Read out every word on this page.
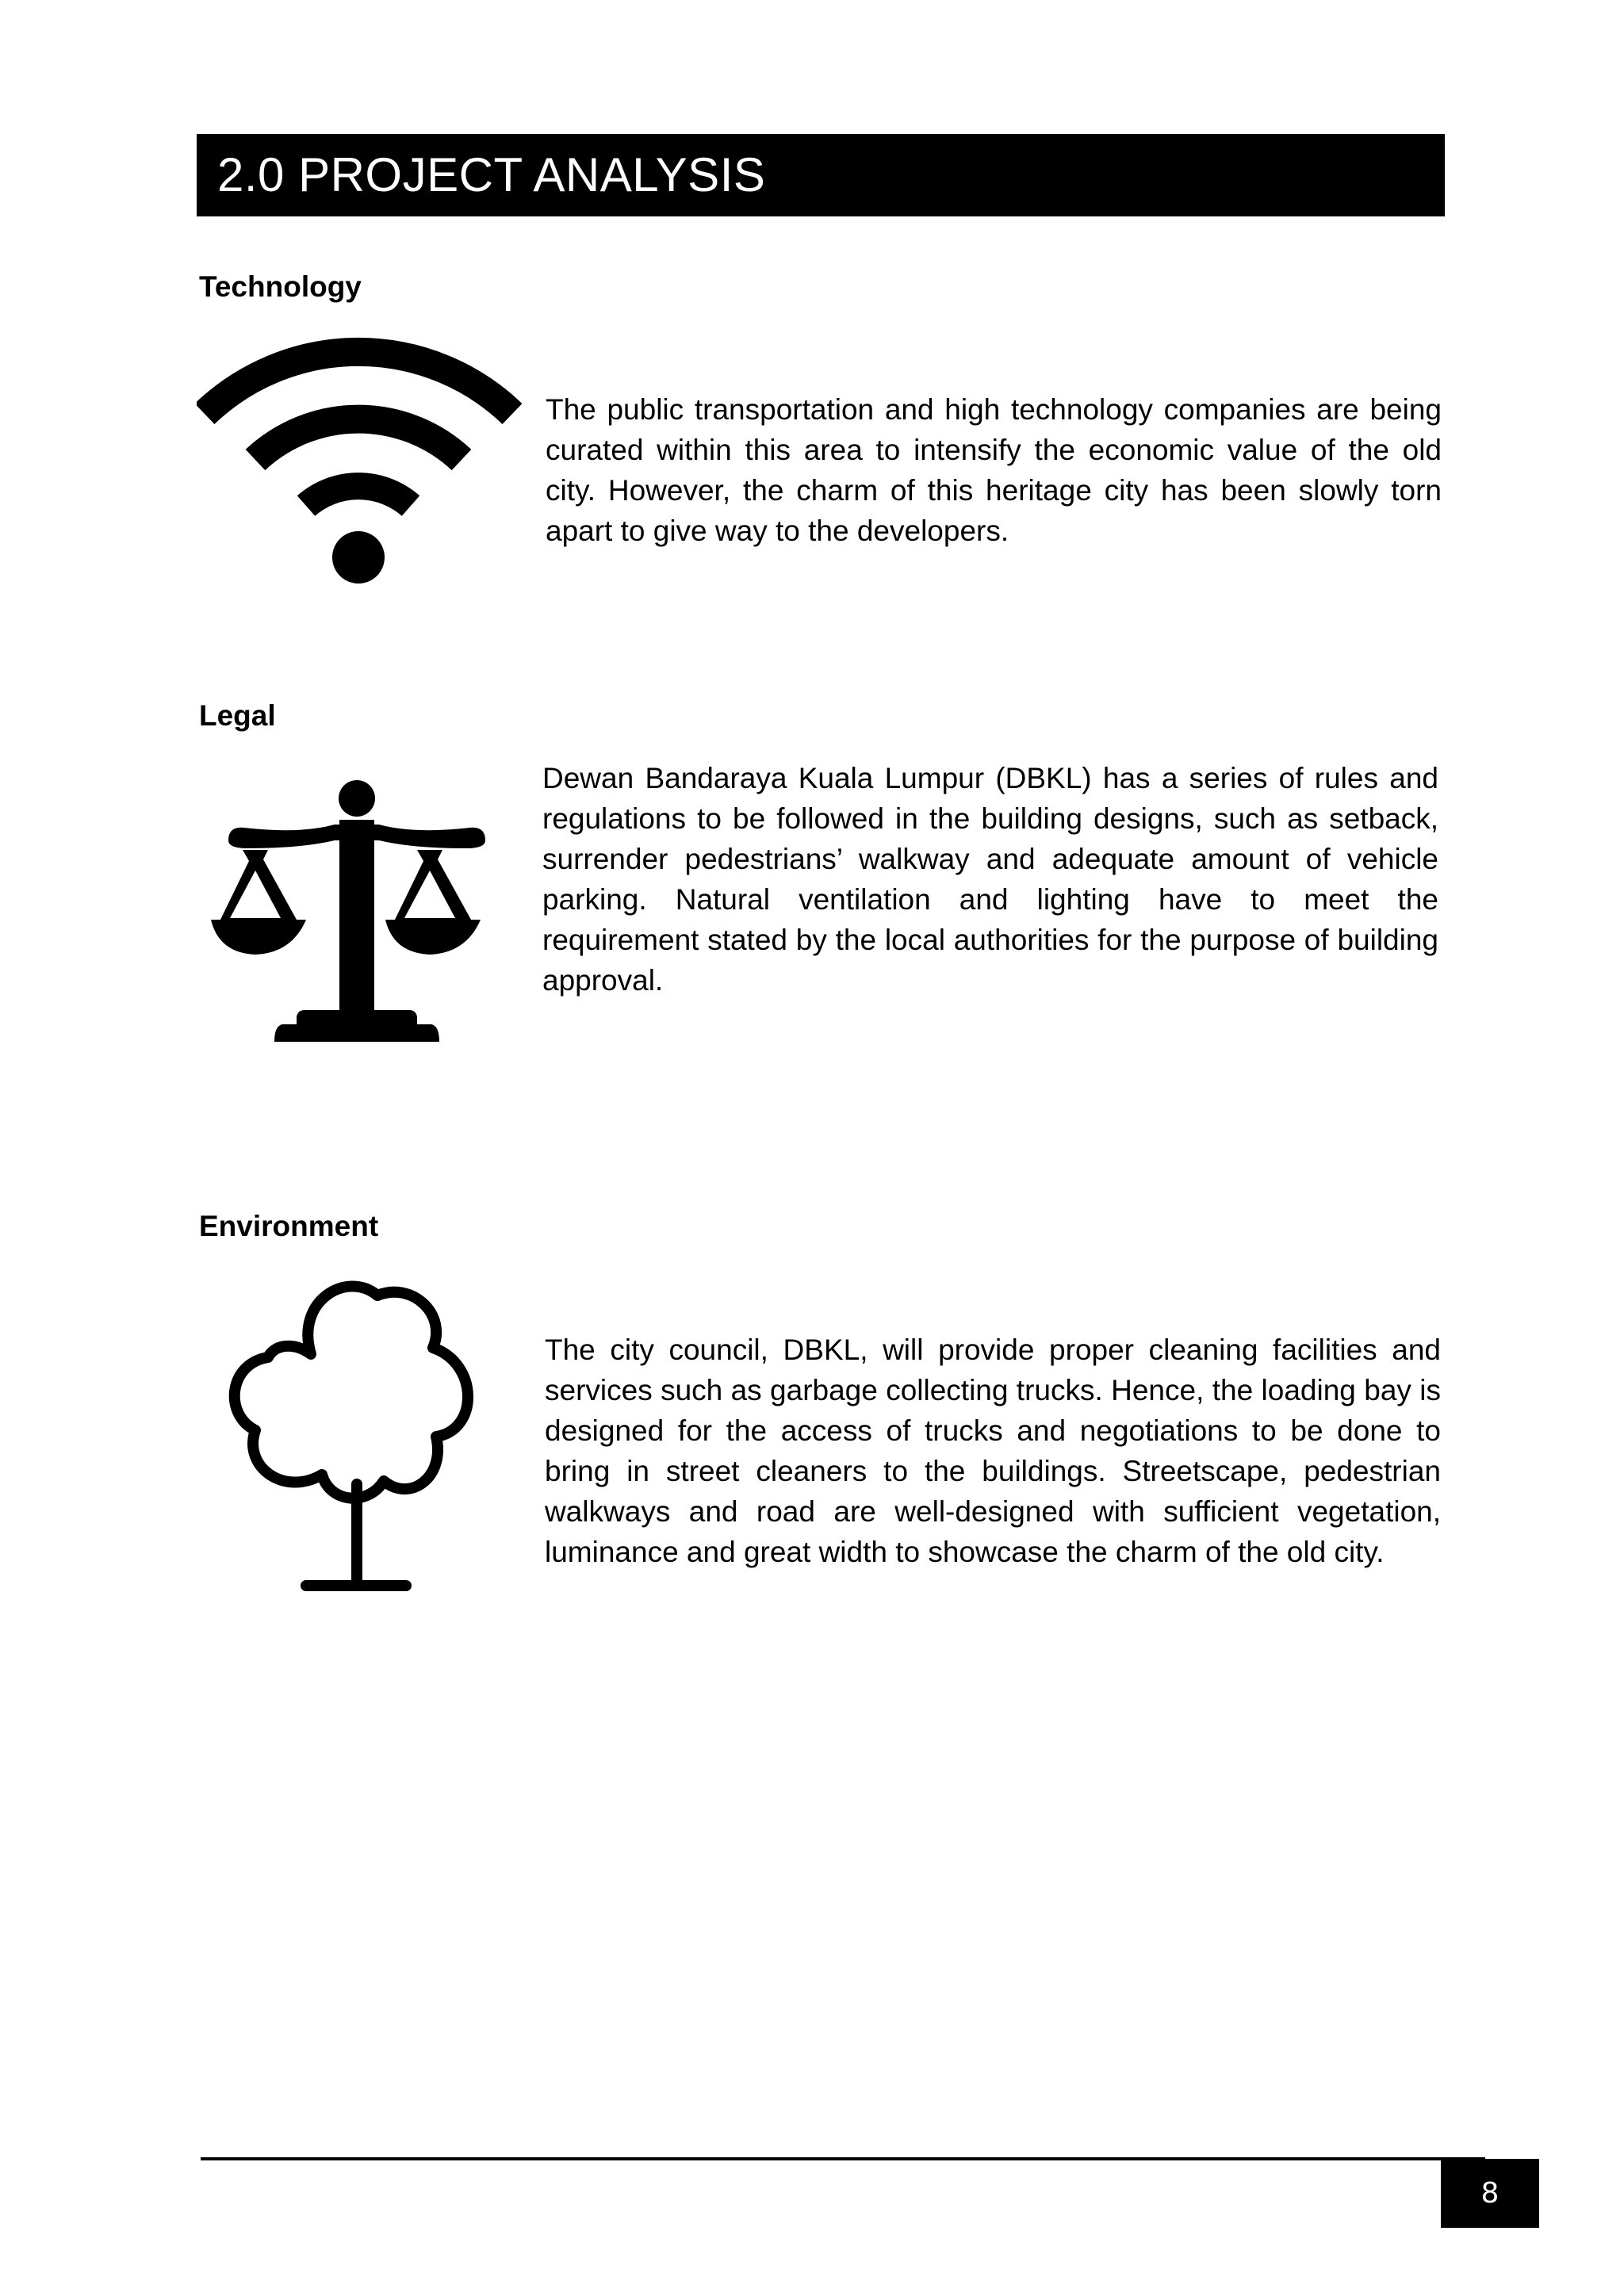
2.0 PROJECT ANALYSIS
Technology

The public transportation and high technology companies are being curated within this area to intensify the economic value of the old city. However, the charm of this heritage city has been slowly torn apart to give way to the developers.

Legal

Dewan Bandaraya Kuala Lumpur (DBKL) has a series of rules and regulations to be followed in the building designs, such as setback, surrender pedestrians’ walkway and adequate amount of vehicle parking. Natural ventilation and lighting have to meet the requirement stated by the local authorities for the purpose of building approval.

Environment

The city council, DBKL, will provide proper cleaning facilities and services such as garbage collecting trucks. Hence, the loading bay is designed for the access of trucks and negotiations to be done to bring in street cleaners to the buildings. Streetscape, pedestrian walkways and road are well-designed with sufficient vegetation, luminance and great width to showcase the charm of the old city.

8
